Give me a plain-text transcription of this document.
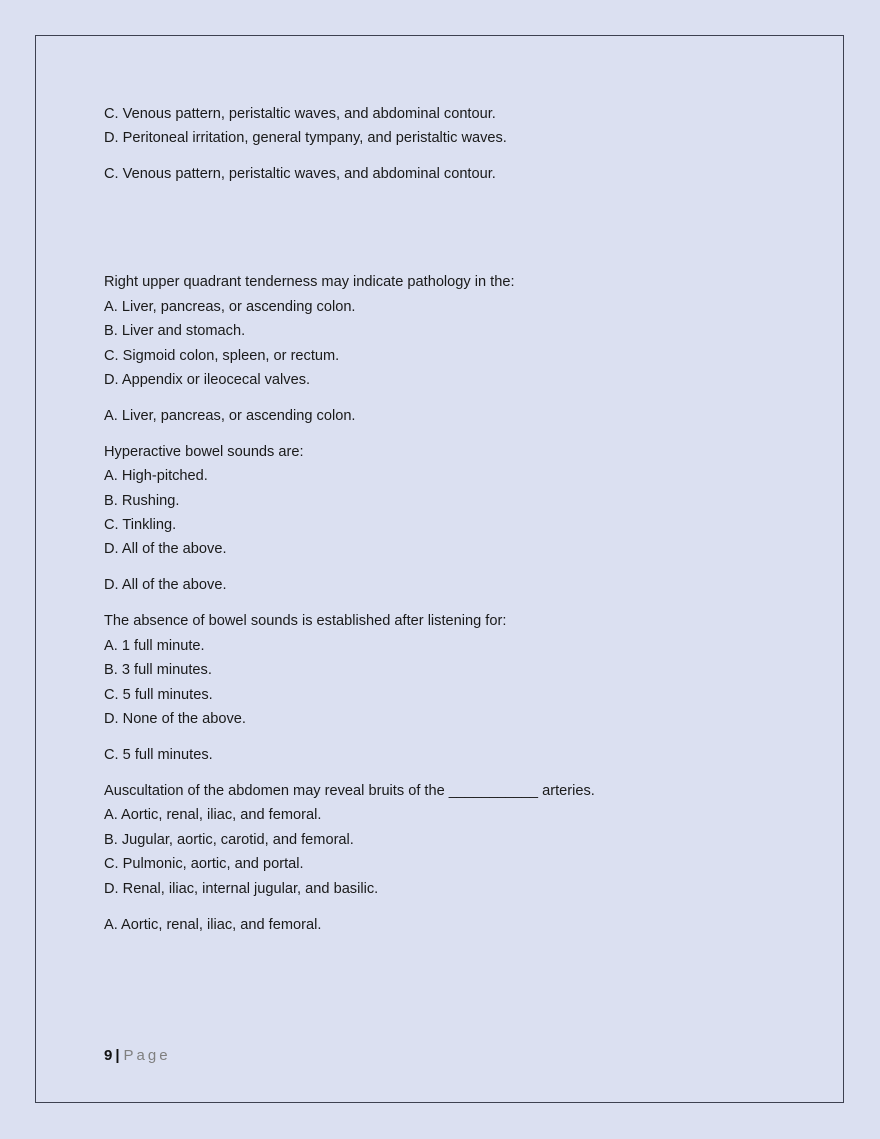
C. Venous pattern, peristaltic waves, and abdominal contour.
D. Peritoneal irritation, general tympany, and peristaltic waves.
C. Venous pattern, peristaltic waves, and abdominal contour.
Right upper quadrant tenderness may indicate pathology in the:
A. Liver, pancreas, or ascending colon.
B. Liver and stomach.
C. Sigmoid colon, spleen, or rectum.
D. Appendix or ileocecal valves.
A. Liver, pancreas, or ascending colon.
Hyperactive bowel sounds are:
A. High-pitched.
B. Rushing.
C. Tinkling.
D. All of the above.
D. All of the above.
The absence of bowel sounds is established after listening for:
A. 1 full minute.
B. 3 full minutes.
C. 5 full minutes.
D. None of the above.
C. 5 full minutes.
Auscultation of the abdomen may reveal bruits of the ___________ arteries.
A. Aortic, renal, iliac, and femoral.
B. Jugular, aortic, carotid, and femoral.
C. Pulmonic, aortic, and portal.
D. Renal, iliac, internal jugular, and basilic.
A. Aortic, renal, iliac, and femoral.
9 | Page
